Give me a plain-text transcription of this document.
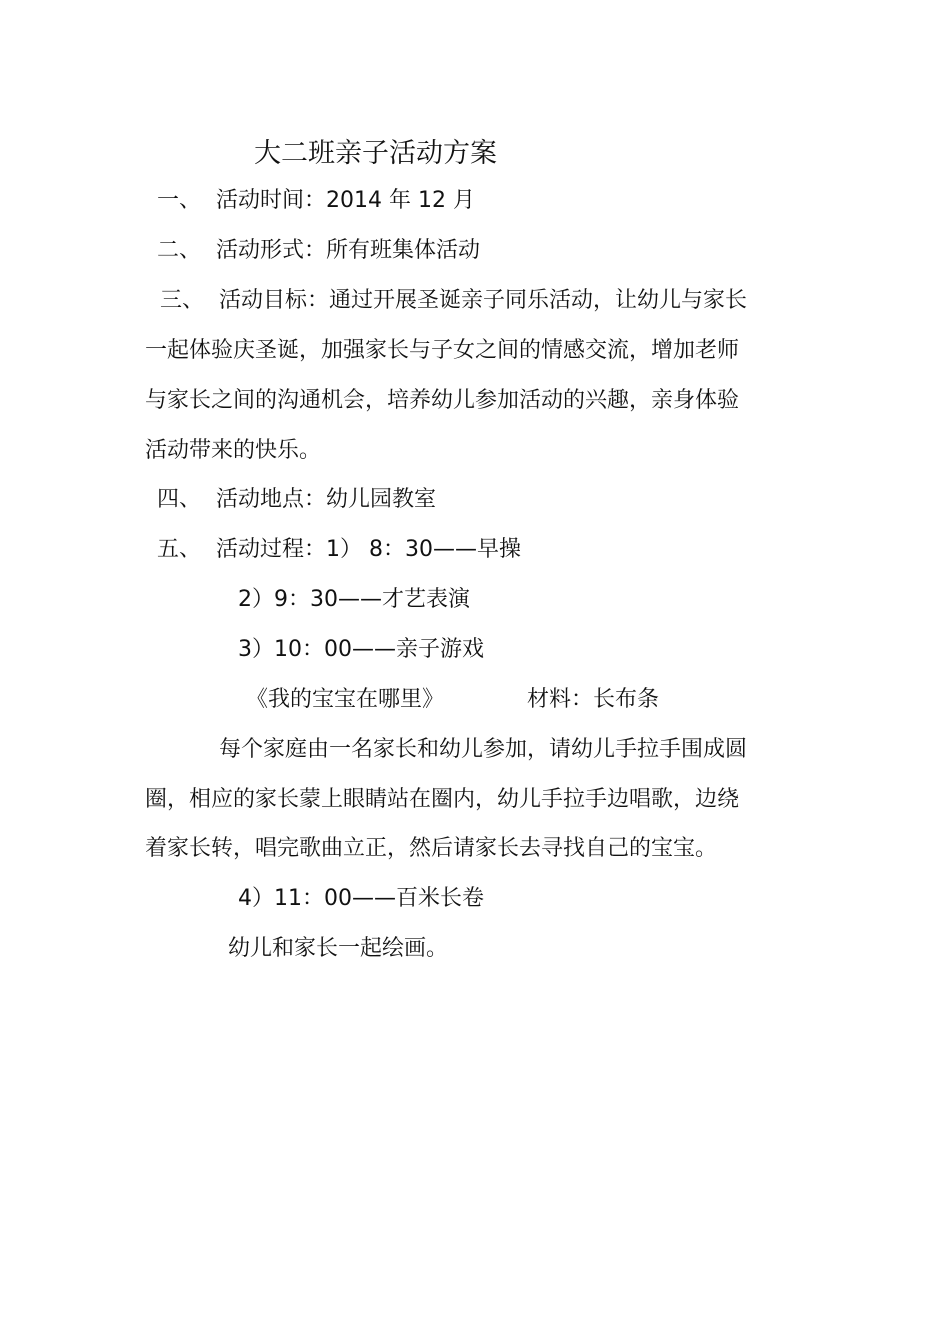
大二班亲子活动方案
一、 活动时间：2014 年 12 月
二、 活动形式：所有班集体活动
三、 活动目标：通过开展圣诞亲子同乐活动，让幼儿与家长
一起体验庆圣诞，加强家长与子女之间的情感交流，增加老师
与家长之间的沟通机会，培养幼儿参加活动的兴趣，亲身体验
活动带来的快乐。
四、 活动地点：幼儿园教室
五、 活动过程：1） 8：30——早操
2）9：30——才艺表演
3）10：00——亲子游戏
《我的宝宝在哪里》	材料：长布条
每个家庭由一名家长和幼儿参加，请幼儿手拉手围成圆
圈，相应的家长蒙上眼睛站在圈内，幼儿手拉手边唱歌，边绕
着家长转，唱完歌曲立正，然后请家长去寻找自己的宝宝。
4）11：00——百米长卷
幼儿和家长一起绘画。
